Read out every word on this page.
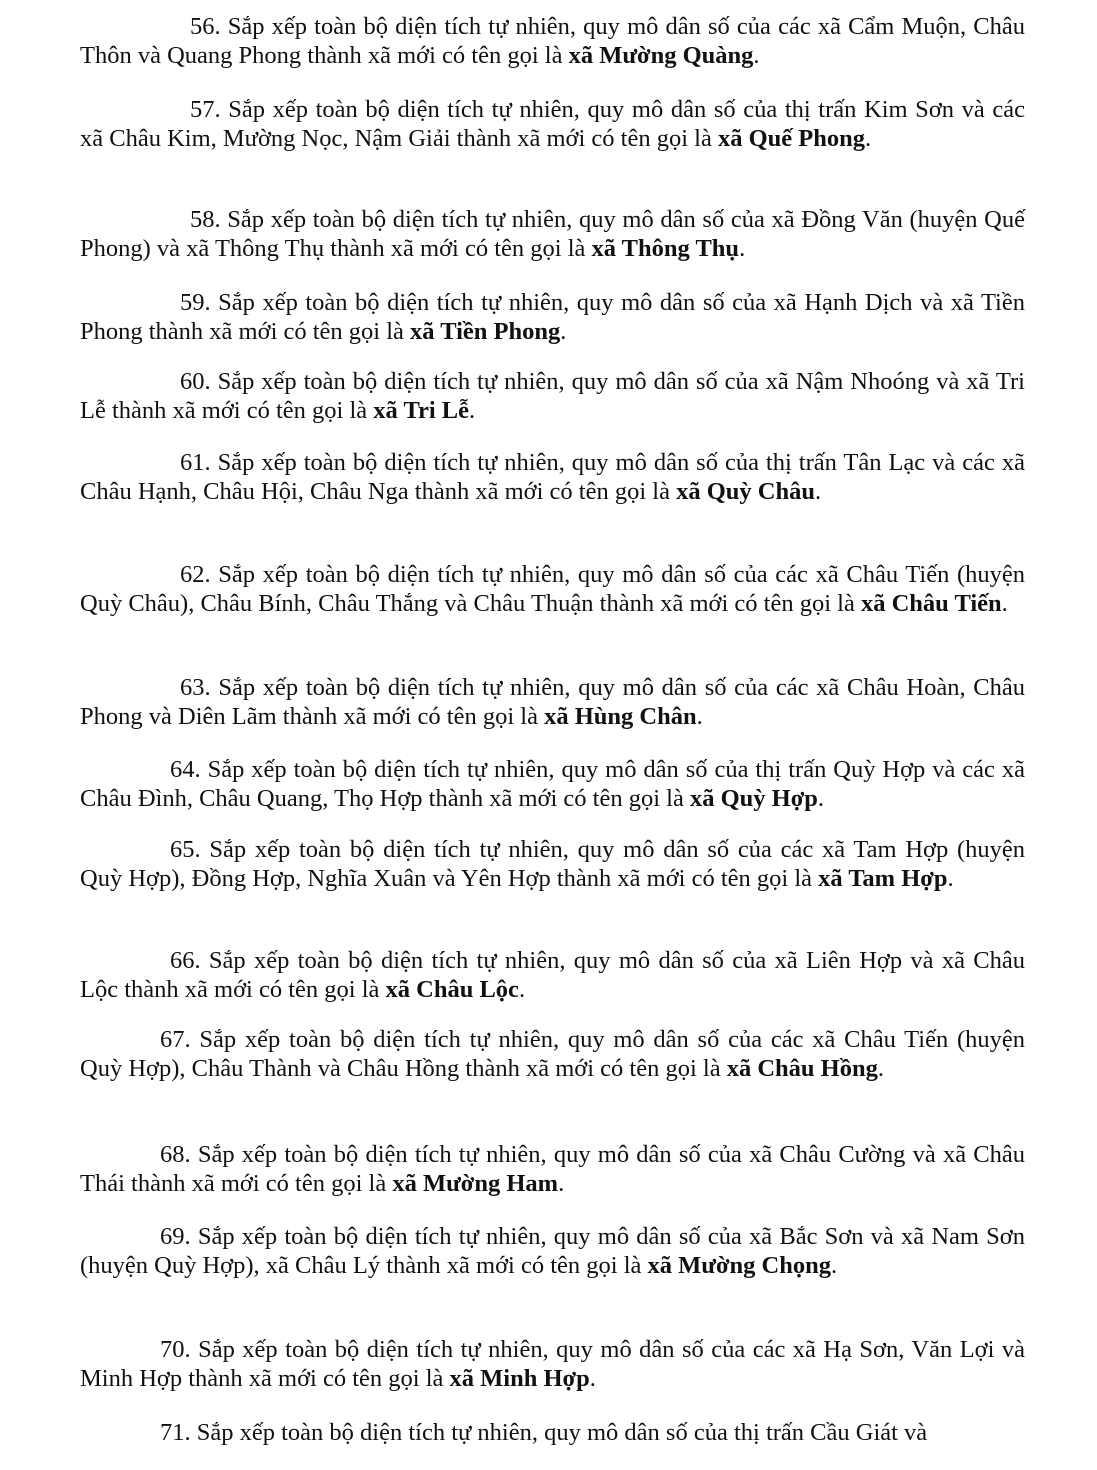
56. Sắp xếp toàn bộ diện tích tự nhiên, quy mô dân số của các xã Cẩm Muộn, Châu Thôn và Quang Phong thành xã mới có tên gọi là xã Mường Quàng.

57. Sắp xếp toàn bộ diện tích tự nhiên, quy mô dân số của thị trấn Kim Sơn và các xã Châu Kim, Mường Nọc, Nậm Giải thành xã mới có tên gọi là xã Quế Phong.

58. Sắp xếp toàn bộ diện tích tự nhiên, quy mô dân số của xã Đồng Văn (huyện Quế Phong) và xã Thông Thụ thành xã mới có tên gọi là xã Thông Thụ.

59. Sắp xếp toàn bộ diện tích tự nhiên, quy mô dân số của xã Hạnh Dịch và xã Tiền Phong thành xã mới có tên gọi là xã Tiền Phong.

60. Sắp xếp toàn bộ diện tích tự nhiên, quy mô dân số của xã Nậm Nhoóng và xã Tri Lễ thành xã mới có tên gọi là xã Tri Lễ.

61. Sắp xếp toàn bộ diện tích tự nhiên, quy mô dân số của thị trấn Tân Lạc và các xã Châu Hạnh, Châu Hội, Châu Nga thành xã mới có tên gọi là xã Quỳ Châu.

62. Sắp xếp toàn bộ diện tích tự nhiên, quy mô dân số của các xã Châu Tiến (huyện Quỳ Châu), Châu Bính, Châu Thắng và Châu Thuận thành xã mới có tên gọi là xã Châu Tiến.

63. Sắp xếp toàn bộ diện tích tự nhiên, quy mô dân số của các xã Châu Hoàn, Châu Phong và Diên Lãm thành xã mới có tên gọi là xã Hùng Chân.

64. Sắp xếp toàn bộ diện tích tự nhiên, quy mô dân số của thị trấn Quỳ Hợp và các xã Châu Đình, Châu Quang, Thọ Hợp thành xã mới có tên gọi là xã Quỳ Hợp.

65. Sắp xếp toàn bộ diện tích tự nhiên, quy mô dân số của các xã Tam Hợp (huyện Quỳ Hợp), Đồng Hợp, Nghĩa Xuân và Yên Hợp thành xã mới có tên gọi là xã Tam Hợp.

66. Sắp xếp toàn bộ diện tích tự nhiên, quy mô dân số của xã Liên Hợp và xã Châu Lộc thành xã mới có tên gọi là xã Châu Lộc.

67. Sắp xếp toàn bộ diện tích tự nhiên, quy mô dân số của các xã Châu Tiến (huyện Quỳ Hợp), Châu Thành và Châu Hồng thành xã mới có tên gọi là xã Châu Hồng.

68. Sắp xếp toàn bộ diện tích tự nhiên, quy mô dân số của xã Châu Cường và xã Châu Thái thành xã mới có tên gọi là xã Mường Ham.

69. Sắp xếp toàn bộ diện tích tự nhiên, quy mô dân số của xã Bắc Sơn và xã Nam Sơn (huyện Quỳ Hợp), xã Châu Lý thành xã mới có tên gọi là xã Mường Chọng.

70. Sắp xếp toàn bộ diện tích tự nhiên, quy mô dân số của các xã Hạ Sơn, Văn Lợi và Minh Hợp thành xã mới có tên gọi là xã Minh Hợp.

71. Sắp xếp toàn bộ diện tích tự nhiên, quy mô dân số của thị trấn Cầu Giát và
